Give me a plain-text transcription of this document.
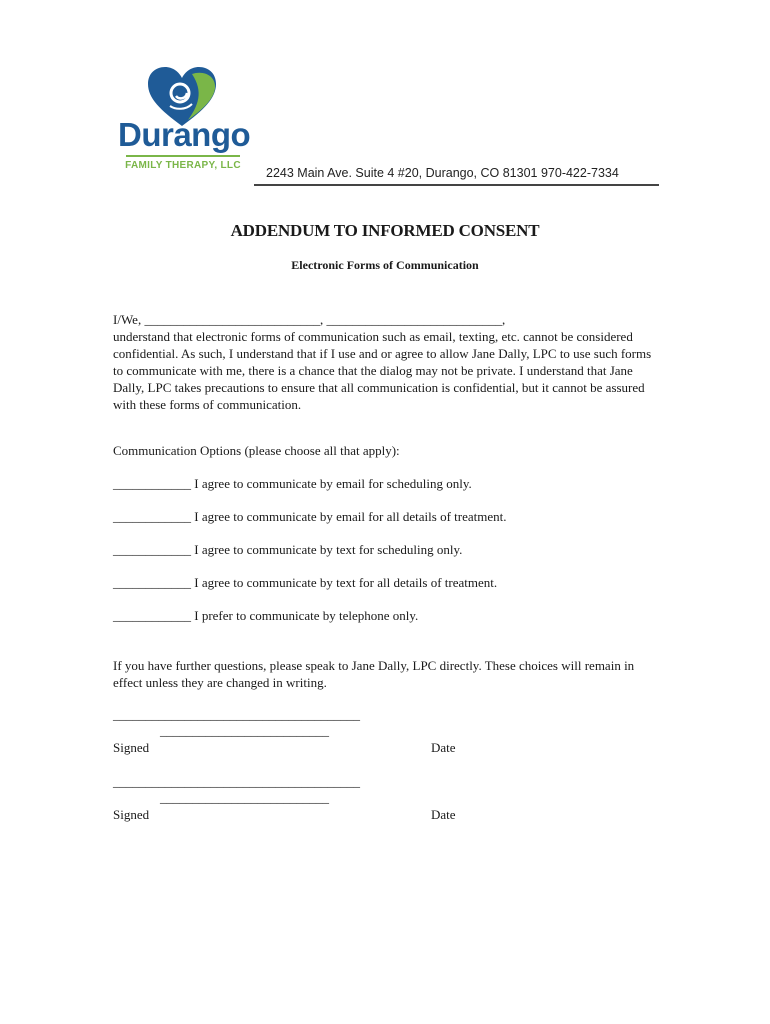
Durango
FAMILY THERAPY, LLC
2243 Main Ave. Suite 4 #20, Durango, CO 81301 970-422-7334
ADDENDUM TO INFORMED CONSENT
Electronic Forms of Communication
I/We, ___________________________, ___________________________,
understand that electronic forms of communication such as email, texting, etc. cannot be considered confidential. As such, I understand that if I use and or agree to allow Jane Dally, LPC to use such forms to communicate with me, there is a chance that the dialog may not be private. I understand that Jane Dally, LPC takes precautions to ensure that all communication is confidential, but it cannot be assured with these forms of communication.
Communication Options (please choose all that apply):
____________ I agree to communicate by email for scheduling only.
____________ I agree to communicate by email for all details of treatment.
____________ I agree to communicate by text for scheduling only.
____________ I agree to communicate by text for all details of treatment.
____________ I prefer to communicate by telephone only.
If you have further questions, please speak to Jane Dally, LPC directly. These choices will remain in effect unless they are changed in writing.
______________________________________
__________________________
Signed	Date
______________________________________
__________________________
Signed	Date
